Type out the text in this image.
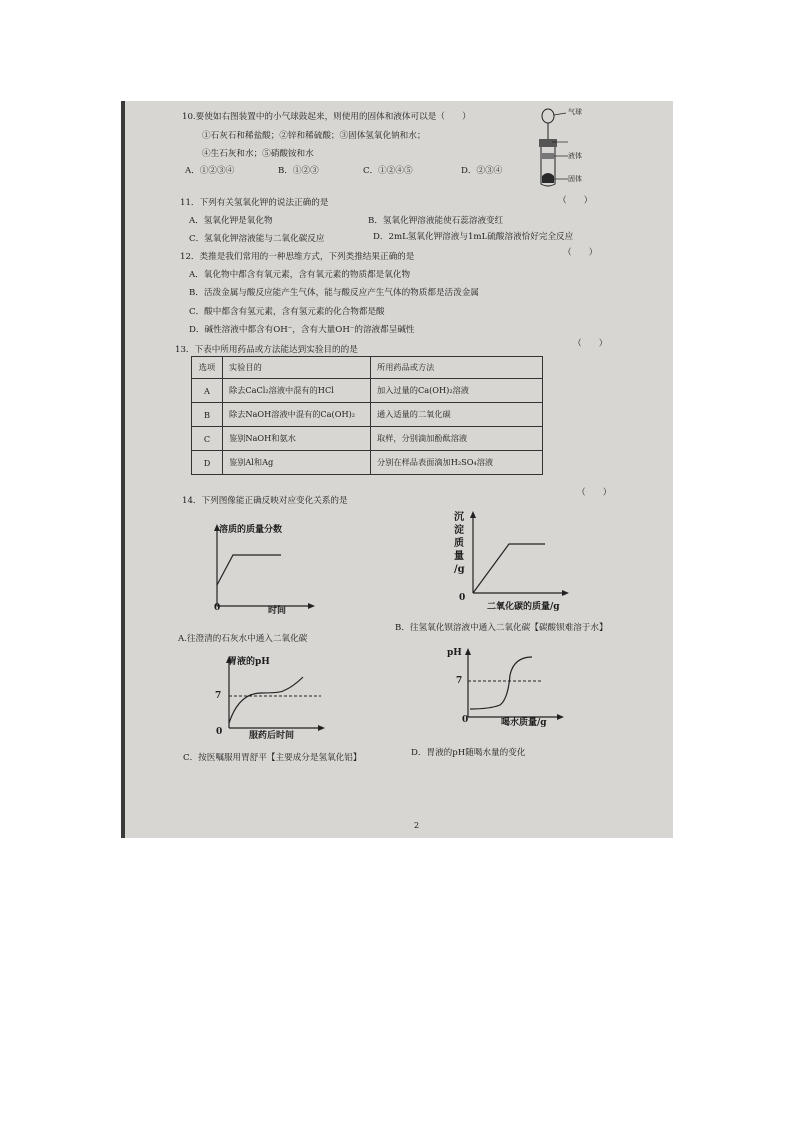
10.要使如右图装置中的小气球鼓起来，则使用的固体和液体可以是（　　）
①石灰石和稀盐酸；②锌和稀硫酸；③固体氢氧化钠和水；
④生石灰和水；⑤硝酸铵和水
A．①②③④	B．①②③	C．①②④⑤	D．②③④
气球
液体
固体
11．下列有关氢氧化钾的说法正确的是	（　　）
A．氢氧化钾是氧化物	B．氢氧化钾溶液能使石蕊溶液变红
C．氢氧化钾溶液能与二氧化碳反应	D．2mL氢氧化钾溶液与1mL硫酸溶液恰好完全反应
12．类推是我们常用的一种思维方式，下列类推结果正确的是	（　　）
A．氧化物中都含有氧元素，含有氧元素的物质都是氧化物
B．活泼金属与酸反应能产生气体，能与酸反应产生气体的物质都是活泼金属
C．酸中都含有氢元素，含有氢元素的化合物都是酸
D．碱性溶液中都含有OH⁻，含有大量OH⁻的溶液都呈碱性
13．下表中所用药品或方法能达到实验目的的是
（　　）
选项	实验目的	所用药品或方法
A	除去CaCl₂溶液中混有的HCl	加入过量的Ca(OH)₂溶液
B	除去NaOH溶液中混有的Ca(OH)₂	通入适量的二氧化碳
C	鉴别NaOH和氨水	取样，分别滴加酚酞溶液
D	鉴别Al和Ag	分别在样品表面滴加H₂SO₄溶液
14．下列图像能正确反映对应变化关系的是
（　　）
溶质的质量分数
0	时间
A.往澄清的石灰水中通入二氧化碳
沉
淀
质
量
/g
0
二氧化碳的质量/g
B．往氢氧化钡溶液中通入二氧化碳【碳酸钡难溶于水】
胃液的pH
7
0	服药后时间
C．按医嘱服用胃舒平【主要成分是氢氧化铝】
pH
7
0	喝水质量/g
D．胃液的pH随喝水量的变化
2
